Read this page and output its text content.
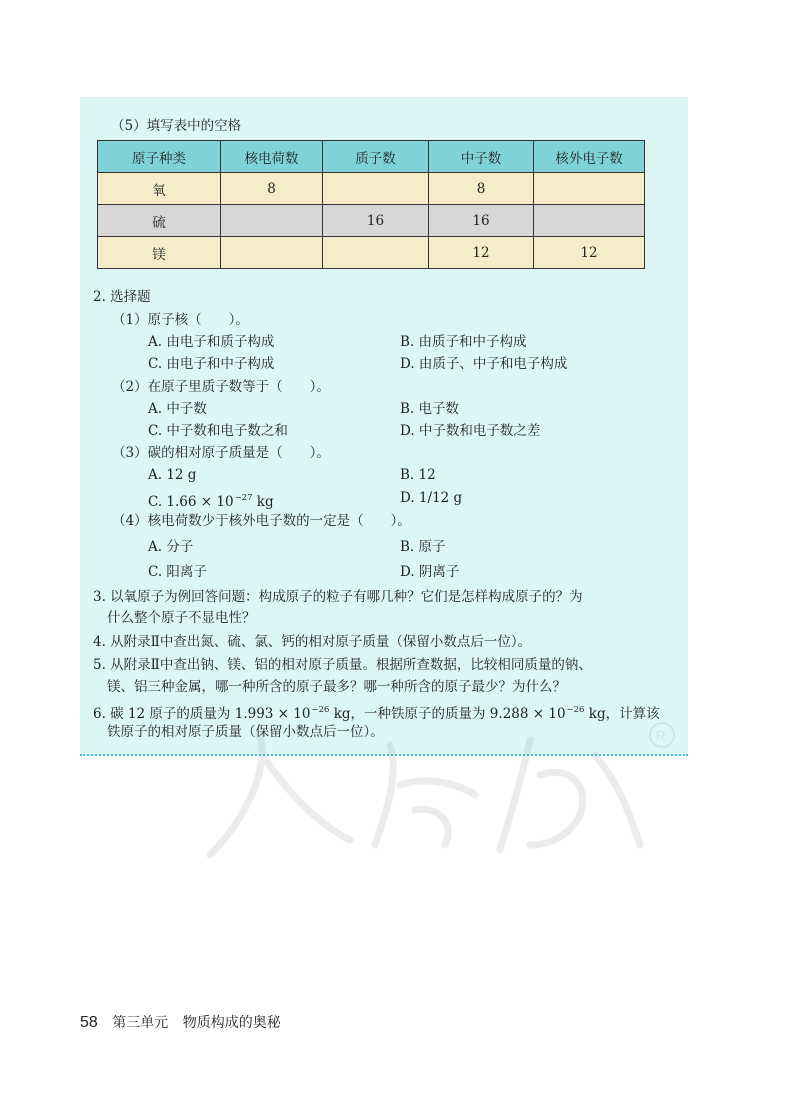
R
（5）填写表中的空格
原子种类	核电荷数	质子数	中子数	核外电子数
氧	8		8	
硫		16	16	
镁			12	12
2. 选择题
（1）原子核（　　）。
A. 由电子和质子构成	B. 由质子和中子构成
C. 由电子和中子构成	D. 由质子、中子和电子构成
（2）在原子里质子数等于（　　）。
A. 中子数	B. 电子数
C. 中子数和电子数之和	D. 中子数和电子数之差
（3）碳的相对原子质量是（　　）。
A. 12 g	B. 12
C. $1.66 \times 10^{-27}$ kg	D. 1/12 g
（4）核电荷数少于核外电子数的一定是（　　）。
A. 分子	B. 原子
C. 阳离子	D. 阴离子
3. 以氧原子为例回答问题：构成原子的粒子有哪几种？它们是怎样构成原子的？为
什么整个原子不显电性？
4. 从附录Ⅱ中查出氮、硫、氯、钙的相对原子质量（保留小数点后一位）。
5. 从附录Ⅱ中查出钠、镁、铝的相对原子质量。根据所查数据，比较相同质量的钠、
镁、铝三种金属，哪一种所含的原子最多？哪一种所含的原子最少？为什么？
6. 碳 12 原子的质量为 $1.993 \times 10^{-26}$ kg，一种铁原子的质量为 $9.288 \times 10^{-26}$ kg，计算该
铁原子的相对原子质量（保留小数点后一位）。
58 第三单元 物质构成的奥秘
